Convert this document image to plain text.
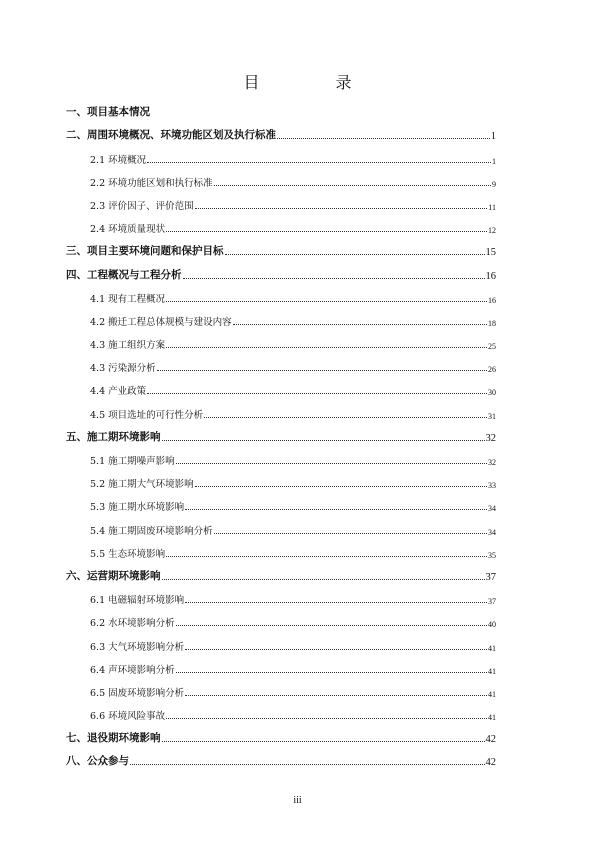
目　录
一、项目基本情况
二、周围环境概况、环境功能区划及执行标准	1
2.1 环境概况	1
2.2 环境功能区划和执行标准	9
2.3 评价因子、评价范围	11
2.4 环境质量现状	12
三、项目主要环境问题和保护目标	15
四、工程概况与工程分析	16
4.1 现有工程概况	16
4.2 搬迁工程总体规模与建设内容	18
4.3 施工组织方案	25
4.3 污染源分析	26
4.4 产业政策	30
4.5 项目选址的可行性分析	31
五、施工期环境影响	32
5.1 施工期噪声影响	32
5.2 施工期大气环境影响	33
5.3 施工期水环境影响	34
5.4 施工期固废环境影响分析	34
5.5 生态环境影响	35
六、运营期环境影响	37
6.1 电磁辐射环境影响	37
6.2 水环境影响分析	40
6.3 大气环境影响分析	41
6.4 声环境影响分析	41
6.5 固废环境影响分析	41
6.6 环境风险事故	41
七、退役期环境影响	42
八、公众参与	42
iii
